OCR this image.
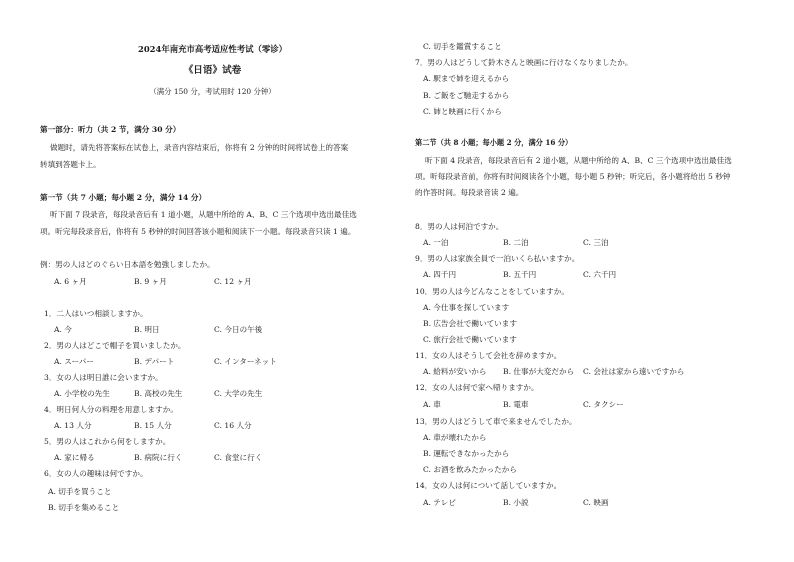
2024年南充市高考适应性考试（零诊）
《日语》试卷
（满分 150 分，考试用时 120 分钟）
第一部分：听力（共 2 节，满分 30 分）
做题时，请先将答案标在试卷上，录音内容结束后，你将有 2 分钟的时间将试卷上的答案
转填到答题卡上。
第一节（共 7 小题；每小题 2 分，满分 14 分）
听下面 7 段录音，每段录音后有 1 道小题，从题中所给的 A、B、C 三个选项中选出最佳选
项。听完每段录音后，你将有 5 秒钟的时间回答该小题和阅读下一小题。每段录音只读 1 遍。
例：男の人はどのぐらい日本語を勉強しましたか。
A. 6 ヶ月	B. 9 ヶ月	C. 12 ヶ月
1．二人はいつ相談しますか。
A. 今	B. 明日	C. 今日の午後
2．男の人はどこで帽子を買いましたか。
A. スーパー	B. デパート	C. インターネット
3．女の人は明日誰に会いますか。
A. 小学校の先生	B. 高校の先生	C. 大学の先生
4．明日何人分の料理を用意しますか。
A. 13 人分	B. 15 人分	C. 16 人分
5．男の人はこれから何をしますか。
A. 家に帰る	B. 病院に行く	C. 食堂に行く
6．女の人の趣味は何ですか。
A. 切手を買うこと
B. 切手を集めること
C. 切手を鑑賞すること
7．男の人はどうして鈴木さんと映画に行けなくなりましたか。
A. 駅まで姉を迎えるから
B. ご飯をご馳走するから
C. 姉と映画に行くから
第二节（共 8 小题；每小题 2 分，满分 16 分）
听下面 4 段录音，每段录音后有 2 道小题，从题中所给的 A、B、C 三个选项中选出最佳选
项。听每段录音前，你将有时间阅读各个小题，每小题 5 秒钟；听完后，各小题将给出 5 秒钟
的作答时间。每段录音读 2 遍。
8．男の人は何泊ですか。
A. 一泊	B. 二泊	C. 三泊
9．男の人は家族全員で一泊いくら払いますか。
A. 四千円	B. 五千円	C. 六千円
10．男の人は今どんなことをしていますか。
A. 今仕事を探しています
B. 広告会社で働いています
C. 旅行会社で働いています
11．女の人はそうして会社を辞めますか。
A. 給料が安いから B. 仕事が大変だから C. 会社は家から遠いですから
12．女の人は何で家へ帰りますか。
A. 車	B. 電車	C. タクシー
13．男の人はどうして車で来ませんでしたか。
A. 車が壊れたから
B. 運転できなかったから
C. お酒を飲みたかったから
14．女の人は何について話していますか。
A. テレビ	B. 小説	C. 映画
